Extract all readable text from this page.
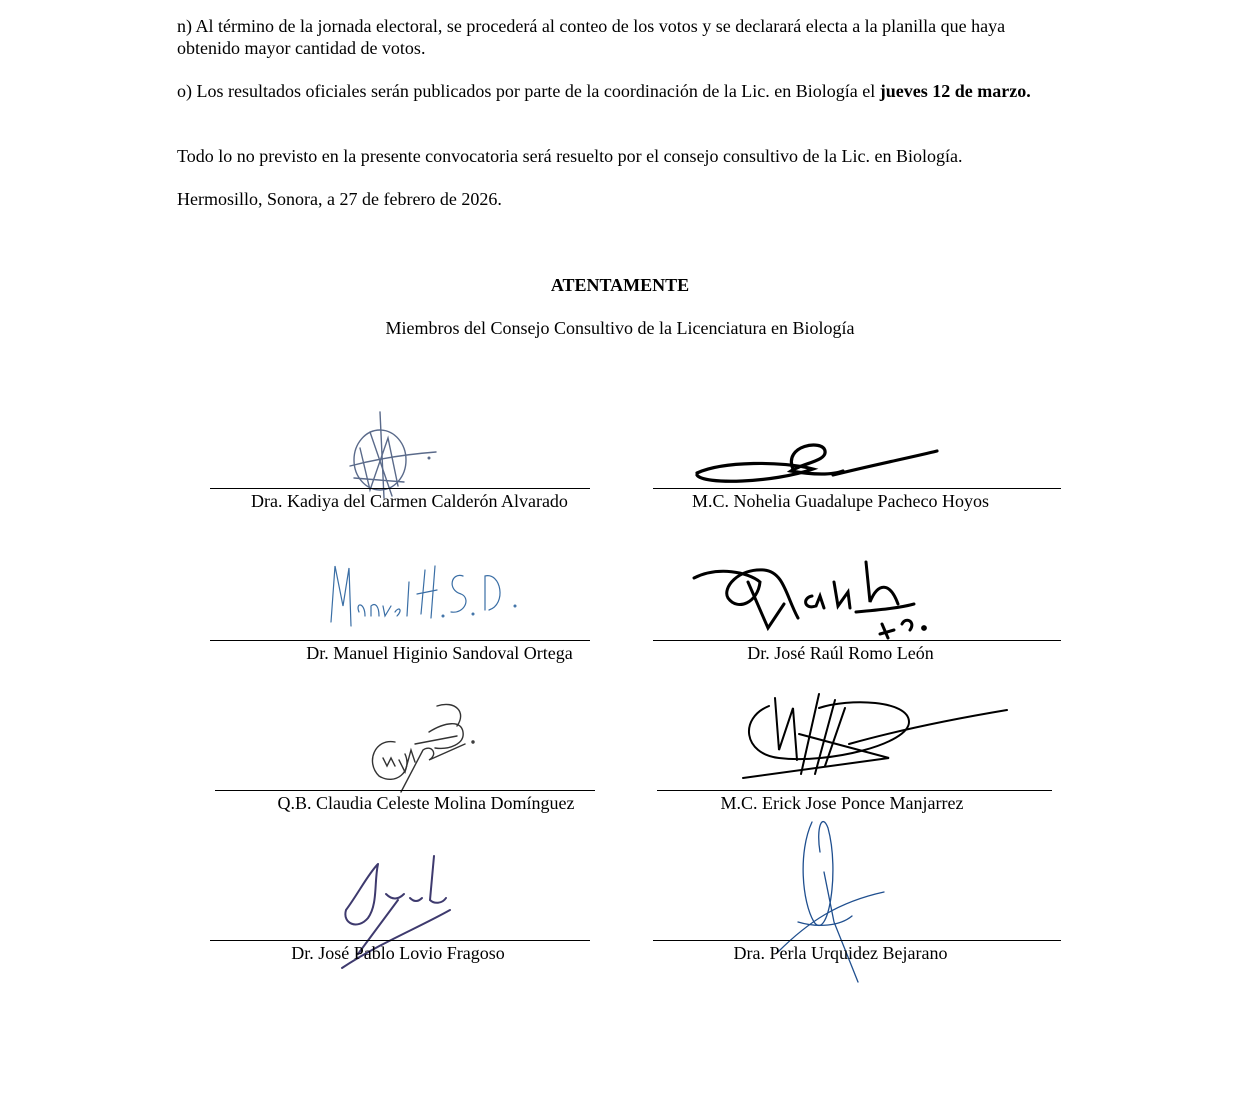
n) Al término de la jornada electoral, se procederá al conteo de los votos y se declarará electa a la planilla que haya obtenido mayor cantidad de votos.

o) Los resultados oficiales serán publicados por parte de la coordinación de la Lic. en Biología el jueves 12 de marzo.

Todo lo no previsto en la presente convocatoria será resuelto por el consejo consultivo de la Lic. en Biología.

Hermosillo, Sonora, a 27 de febrero de 2026.

ATENTAMENTE

Miembros del Consejo Consultivo de la Licenciatura en Biología

Dra. Kadiya del Carmen Calderón Alvarado	M.C. Nohelia Guadalupe Pacheco Hoyos
Dr. Manuel Higinio Sandoval Ortega	Dr. José Raúl Romo León
Q.B. Claudia Celeste Molina Domínguez	M.C. Erick Jose Ponce Manjarrez
Dr. José Pablo Lovio Fragoso	Dra. Perla Urquidez Bejarano
